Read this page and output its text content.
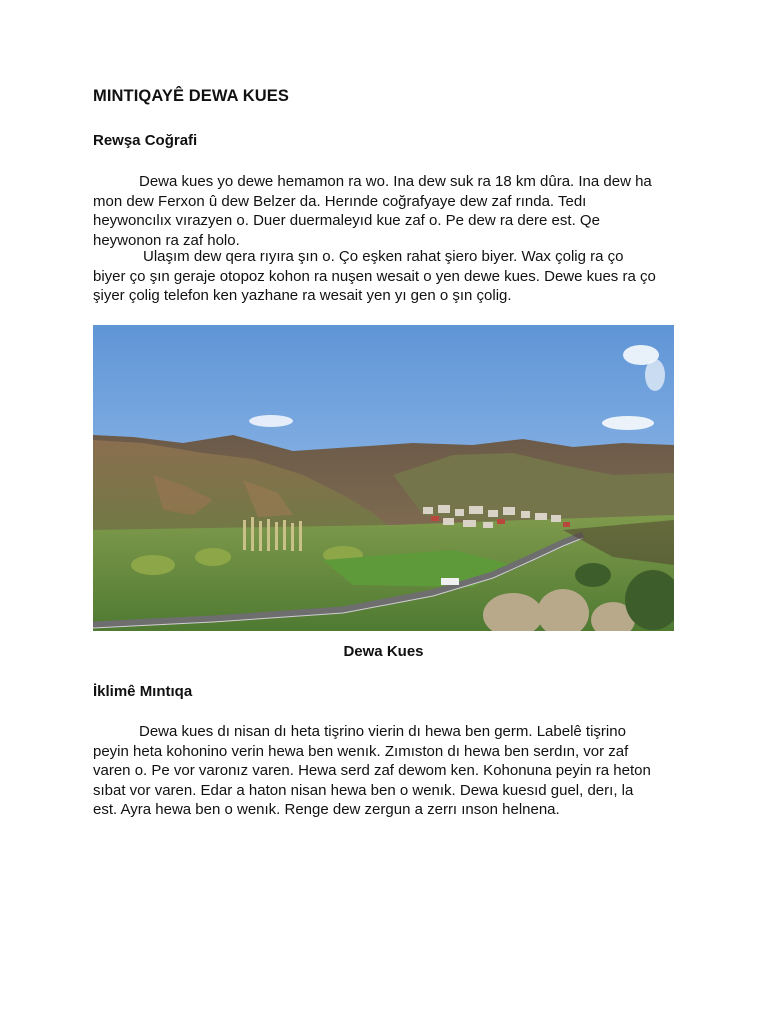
MINTIQAYÊ DEWA KUES
Rewşa Coğrafi

Dewa kues yo dewe hemamon ra wo. Ina dew suk ra 18 km dûra. Ina dew ha
mon dew Ferxon û dew Belzer da. Herınde coğrafyaye dew zaf rında. Tedı
heywoncılıx vırazyen o. Duer duermaleyıd kue zaf o. Pe dew ra dere est. Qe
heywonon ra zaf holo.

Ulaşım dew qera rıyıra şın o. Ço eşken rahat şiero biyer. Wax çolig ra ço
biyer ço şın geraje otopoz kohon ra nuşen wesait o yen dewe kues. Dewe kues ra ço
şiyer çolig telefon ken yazhane ra wesait yen yı gen o şın çolig.

Dewa Kues

İklimê Mıntıqa

Dewa kues dı nisan dı heta tişrino vierin dı hewa ben germ. Labelê tişrino
peyin heta kohonino verin hewa ben wenık. Zımıston dı hewa ben serdın, vor zaf
varen o. Pe vor varonız varen. Hewa serd zaf dewom ken. Kohonuna peyin ra heton
sıbat vor varen. Edar a haton nisan hewa ben o wenık. Dewa kuesıd guel, derı, la
est. Ayra hewa ben o wenık. Renge dew zergun a zerrı ınson helnena.
